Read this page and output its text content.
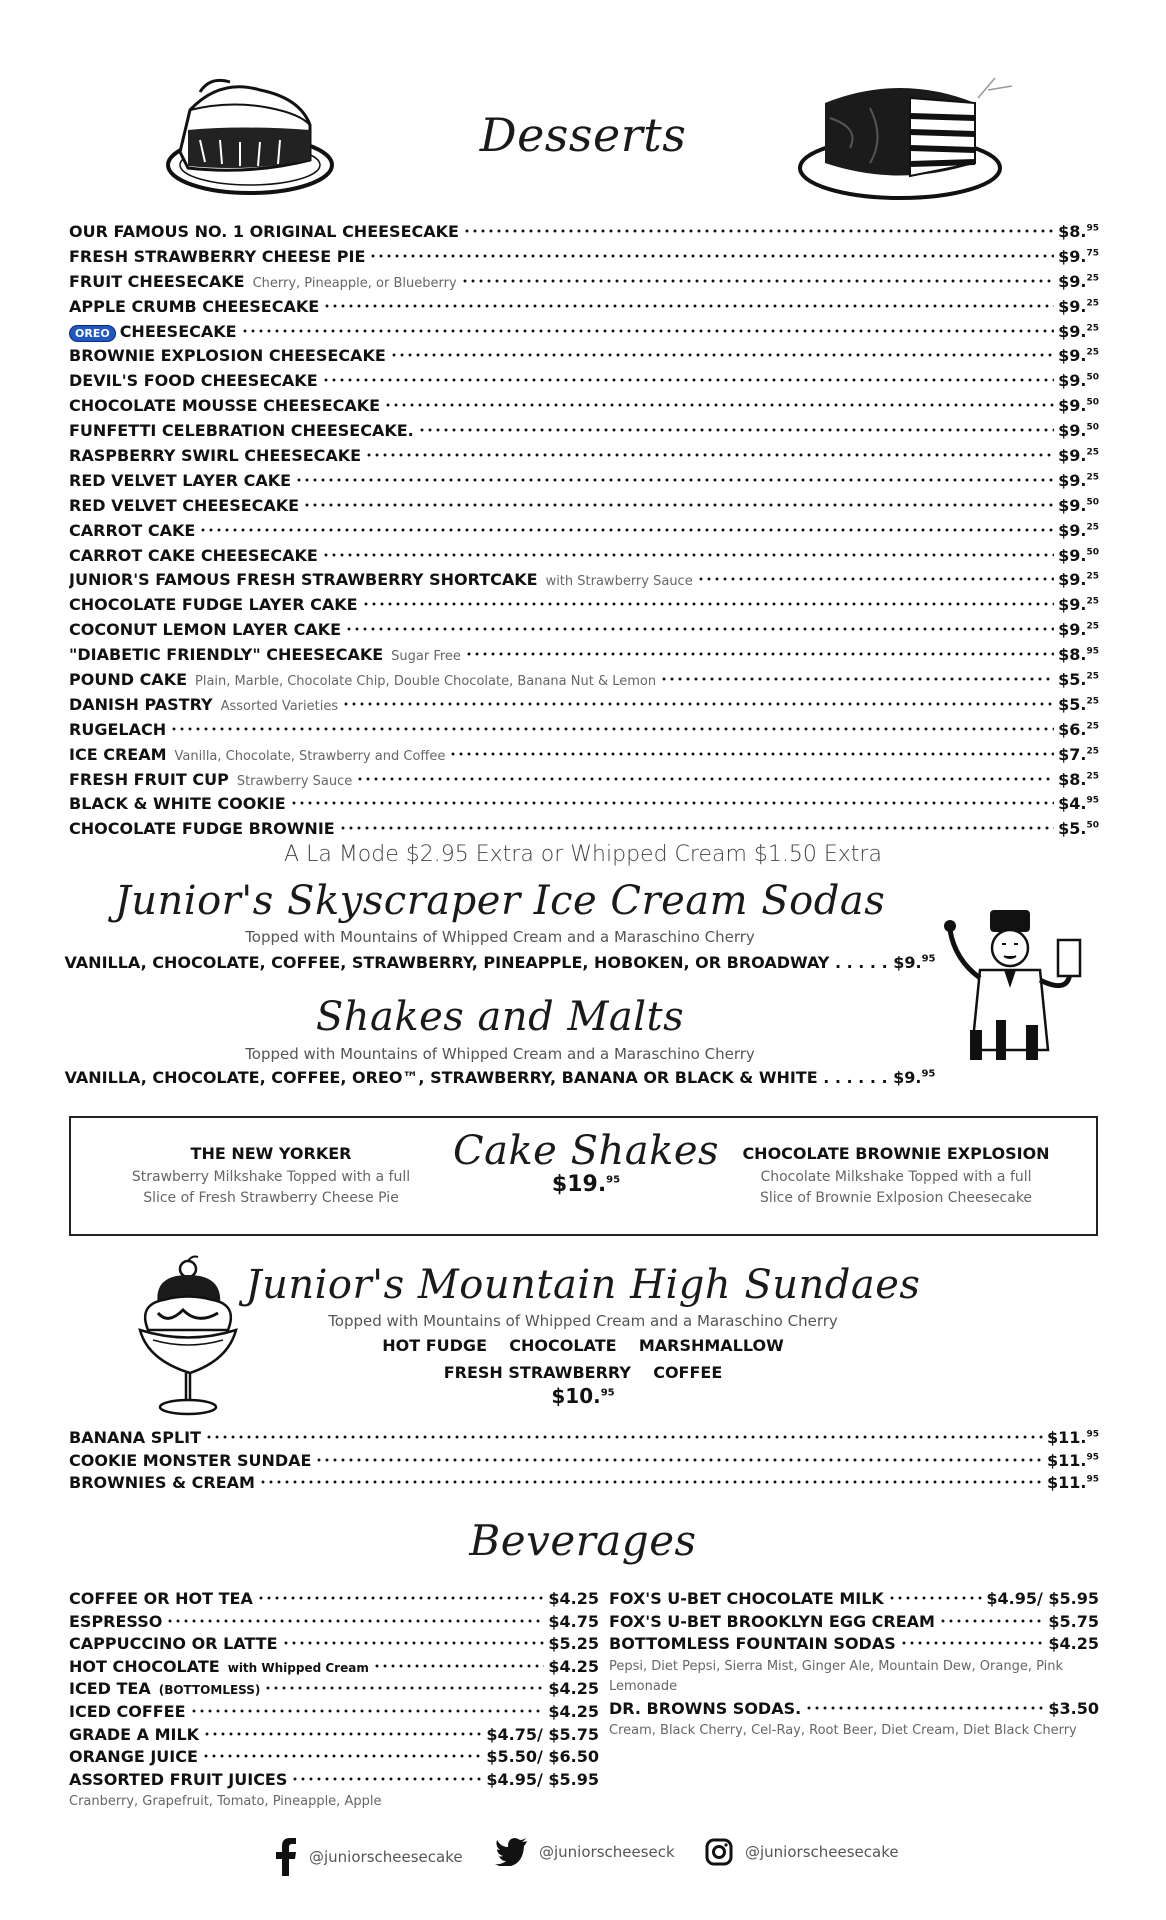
Desserts
OUR FAMOUS NO. 1 ORIGINAL CHEESECAKE	$8.95
FRESH STRAWBERRY CHEESE PIE	$9.75
FRUIT CHEESECAKE Cherry, Pineapple, or Blueberry	$9.25
APPLE CRUMB CHEESECAKE	$9.25
OREO CHEESECAKE	$9.25
BROWNIE EXPLOSION CHEESECAKE	$9.25
DEVIL'S FOOD CHEESECAKE	$9.50
CHOCOLATE MOUSSE CHEESECAKE	$9.50
FUNFETTI CELEBRATION CHEESECAKE.	$9.50
RASPBERRY SWIRL CHEESECAKE	$9.25
RED VELVET LAYER CAKE	$9.25
RED VELVET CHEESECAKE	$9.50
CARROT CAKE	$9.25
CARROT CAKE CHEESECAKE	$9.50
JUNIOR'S FAMOUS FRESH STRAWBERRY SHORTCAKE with Strawberry Sauce	$9.25
CHOCOLATE FUDGE LAYER CAKE	$9.25
COCONUT LEMON LAYER CAKE	$9.25
"DIABETIC FRIENDLY" CHEESECAKE Sugar Free	$8.95
POUND CAKE Plain, Marble, Chocolate Chip, Double Chocolate, Banana Nut & Lemon	$5.25
DANISH PASTRY Assorted Varieties	$5.25
RUGELACH	$6.25
ICE CREAM Vanilla, Chocolate, Strawberry and Coffee	$7.25
FRESH FRUIT CUP Strawberry Sauce	$8.25
BLACK & WHITE COOKIE	$4.95
CHOCOLATE FUDGE BROWNIE	$5.50
A La Mode $2.95 Extra or Whipped Cream $1.50 Extra
Junior's Skyscraper Ice Cream Sodas
Topped with Mountains of Whipped Cream and a Maraschino Cherry
VANILLA, CHOCOLATE, COFFEE, STRAWBERRY, PINEAPPLE, HOBOKEN, OR BROADWAY . . . . . $9.95
Shakes and Malts
Topped with Mountains of Whipped Cream and a Maraschino Cherry
VANILLA, CHOCOLATE, COFFEE, OREO™, STRAWBERRY, BANANA OR BLACK & WHITE . . . . . . $9.95
THE NEW YORKER
Strawberry Milkshake Topped with a full Slice of Fresh Strawberry Cheese Pie
Cake Shakes
$19.95
CHOCOLATE BROWNIE EXPLOSION
Chocolate Milkshake Topped with a full Slice of Brownie Exlposion Cheesecake
Junior's Mountain High Sundaes
Topped with Mountains of Whipped Cream and a Maraschino Cherry
HOT FUDGE    CHOCOLATE    MARSHMALLOW
FRESH STRAWBERRY    COFFEE
$10.95
BANANA SPLIT	$11.95
COOKIE MONSTER SUNDAE	$11.95
BROWNIES & CREAM	$11.95
Beverages
COFFEE OR HOT TEA	$4.25
ESPRESSO	$4.75
CAPPUCCINO OR LATTE	$5.25
HOT CHOCOLATE with Whipped Cream	$4.25
ICED TEA (BOTTOMLESS)	$4.25
ICED COFFEE	$4.25
GRADE A MILK	$4.75/ $5.75
ORANGE JUICE	$5.50/ $6.50
ASSORTED FRUIT JUICES	$4.95/ $5.95
Cranberry, Grapefruit, Tomato, Pineapple, Apple
FOX'S U-BET CHOCOLATE MILK	$4.95/ $5.95
FOX'S U-BET BROOKLYN EGG CREAM	$5.75
BOTTOMLESS FOUNTAIN SODAS	$4.25
Pepsi, Diet Pepsi, Sierra Mist, Ginger Ale, Mountain Dew, Orange, Pink Lemonade
DR. BROWNS SODAS.	$3.50
Cream, Black Cherry, Cel-Ray, Root Beer, Diet Cream, Diet Black Cherry
@juniorscheesecake	@juniorscheeseck	@juniorscheesecake
